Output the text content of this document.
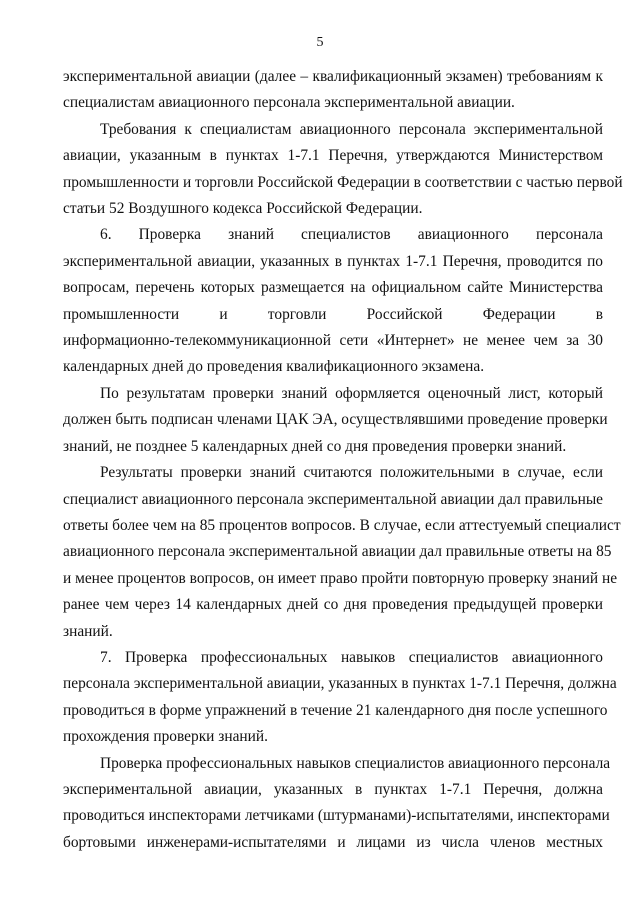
5

экспериментальной авиации (далее – квалификационный экзамен) требованиям к
специалистам авиационного персонала экспериментальной авиации.

Требования к специалистам авиационного персонала экспериментальной
авиации, указанным в пунктах 1-7.1 Перечня, утверждаются Министерством
промышленности и торговли Российской Федерации в соответствии с частью первой
статьи 52 Воздушного кодекса Российской Федерации.

6. Проверка знаний специалистов авиационного персонала
экспериментальной авиации, указанных в пунктах 1-7.1 Перечня, проводится по
вопросам, перечень которых размещается на официальном сайте Министерства
промышленности и торговли Российской Федерации в
информационно-телекоммуникационной сети «Интернет» не менее чем за 30
календарных дней до проведения квалификационного экзамена.

По результатам проверки знаний оформляется оценочный лист, который
должен быть подписан членами ЦАК ЭА, осуществлявшими проведение проверки
знаний, не позднее 5 календарных дней со дня проведения проверки знаний.

Результаты проверки знаний считаются положительными в случае, если
специалист авиационного персонала экспериментальной авиации дал правильные
ответы более чем на 85 процентов вопросов. В случае, если аттестуемый специалист
авиационного персонала экспериментальной авиации дал правильные ответы на 85
и менее процентов вопросов, он имеет право пройти повторную проверку знаний не
ранее чем через 14 календарных дней со дня проведения предыдущей проверки
знаний.

7. Проверка профессиональных навыков специалистов авиационного
персонала экспериментальной авиации, указанных в пунктах 1-7.1 Перечня, должна
проводиться в форме упражнений в течение 21 календарного дня после успешного
прохождения проверки знаний.

Проверка профессиональных навыков специалистов авиационного персонала
экспериментальной авиации, указанных в пунктах 1-7.1 Перечня, должна
проводиться инспекторами летчиками (штурманами)-испытателями, инспекторами
бортовыми инженерами-испытателями и лицами из числа членов местных
